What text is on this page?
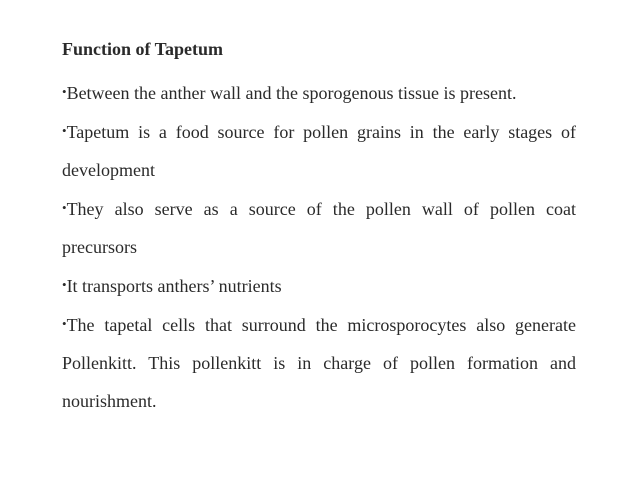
Function of Tapetum

•Between the anther wall and the sporogenous tissue is present.

•Tapetum is a food source for pollen grains in the early stages of development

•They also serve as a source of the pollen wall of pollen coat precursors

•It transports anthers’ nutrients

•The tapetal cells that surround the microsporocytes also generate Pollenkitt. This pollenkitt is in charge of pollen formation and nourishment.
